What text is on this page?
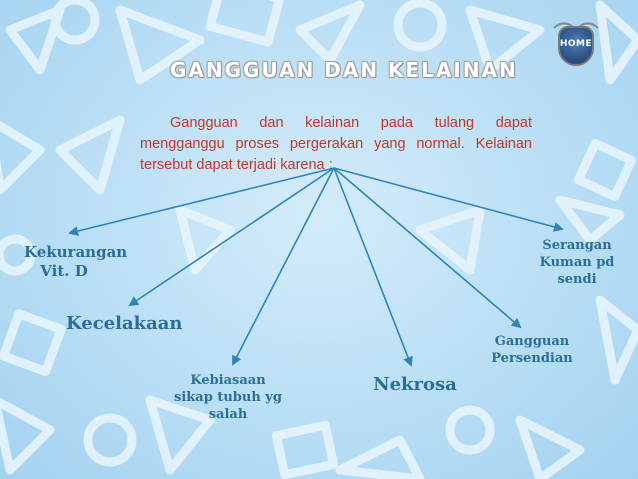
GANGGUAN DAN KELAINAN
Gangguan dan kelainan pada tulang dapat mengganggu proses pergerakan yang normal. Kelainan tersebut dapat terjadi karena :
HOME
Kekurangan
Vit. D
Kecelakaan
Kebiasaan
sikap tubuh yg
salah
Nekrosa
Gangguan
Persendian
Serangan
Kuman pd
sendi
